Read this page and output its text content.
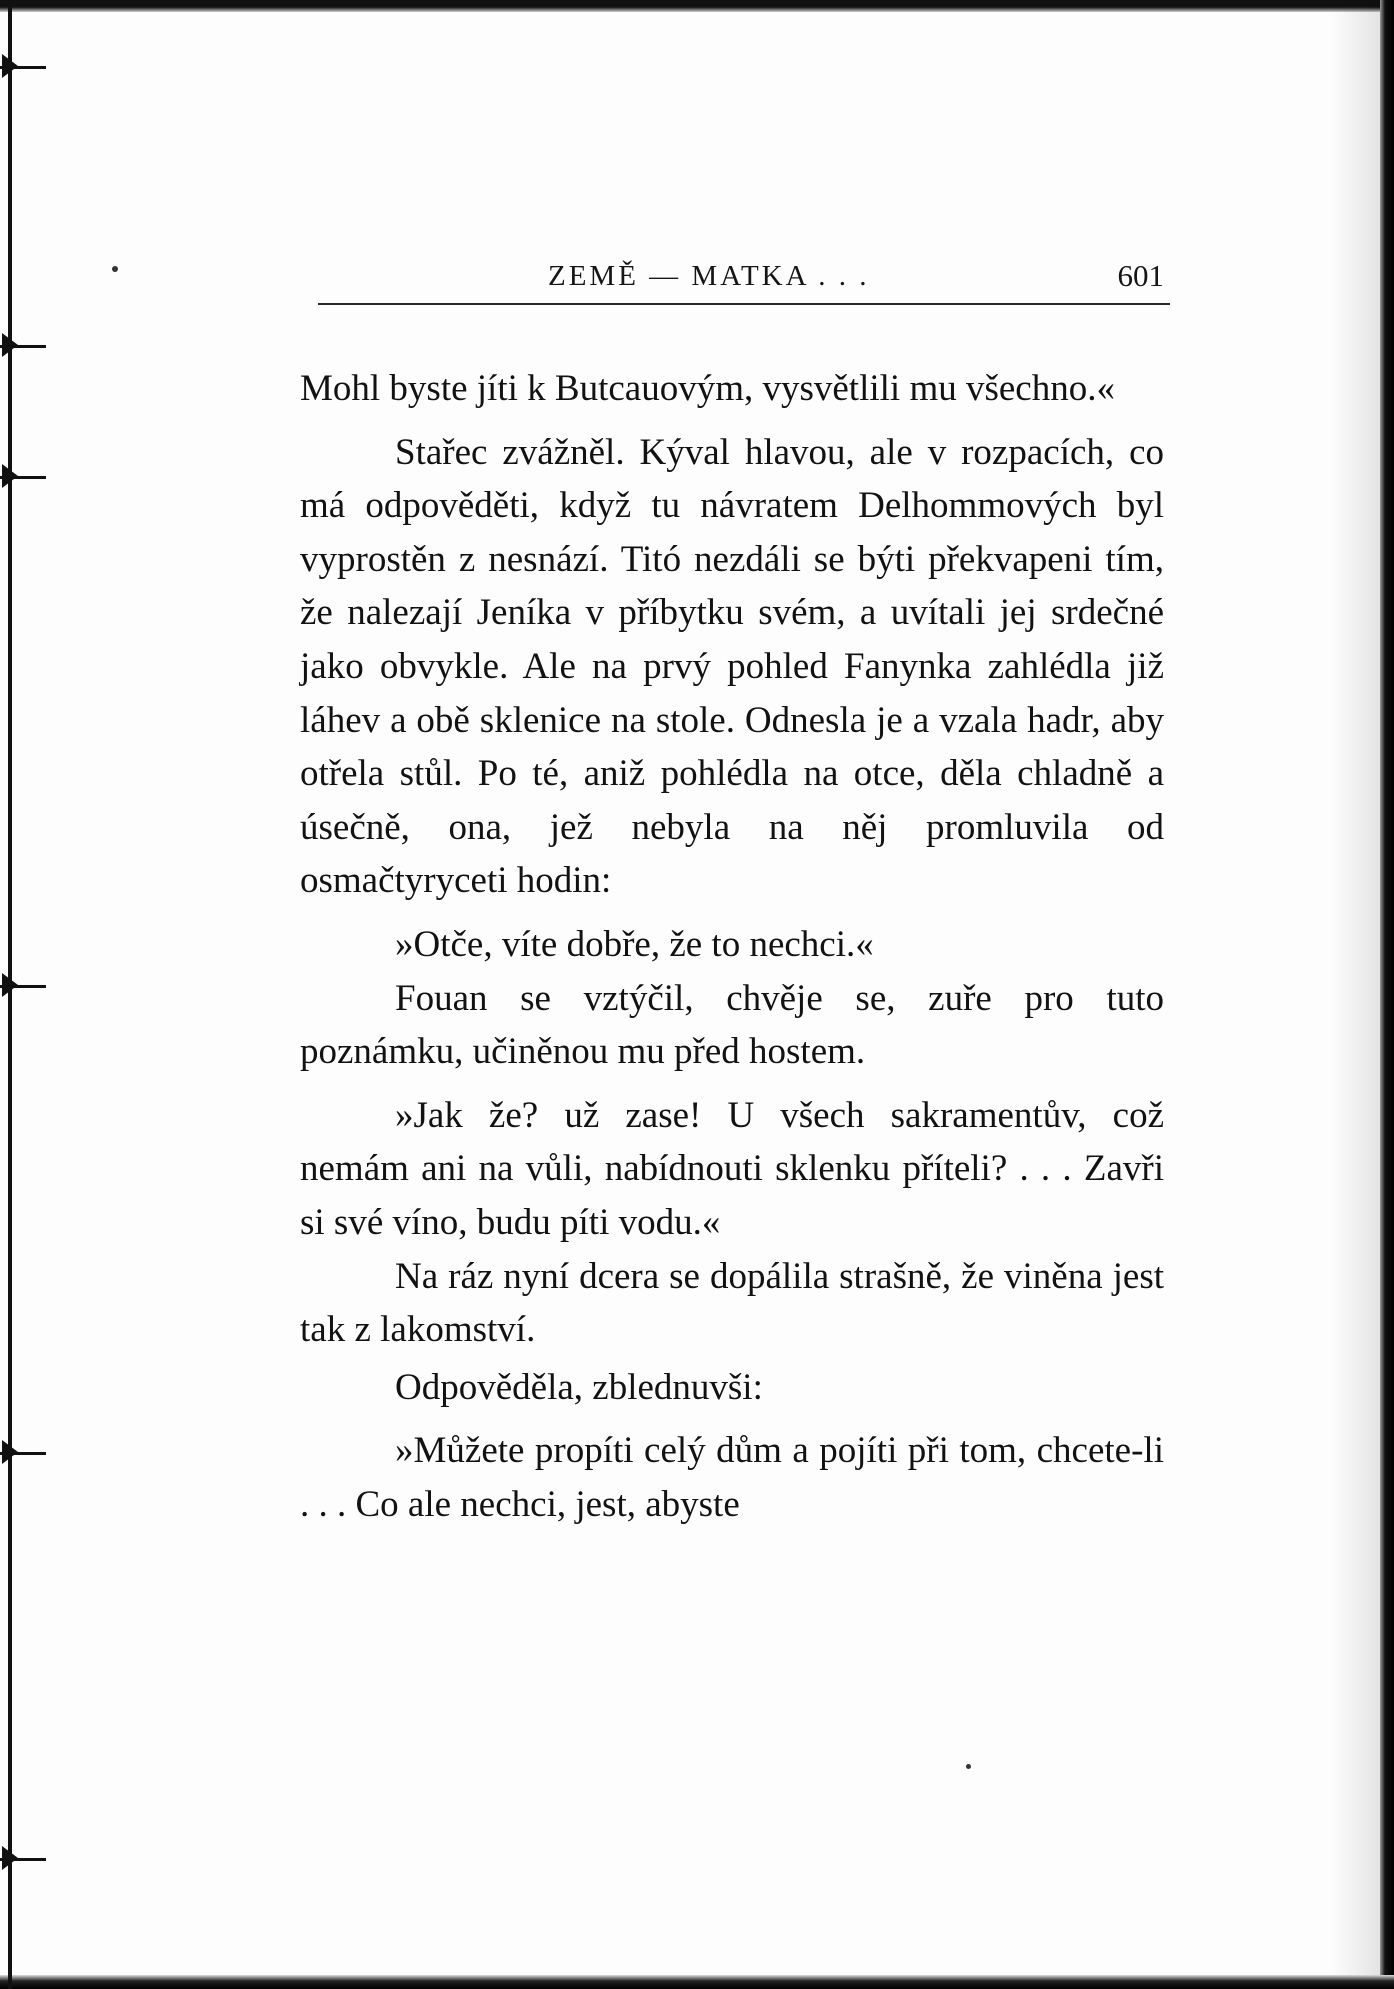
ZEMĚ — MATKA . . .	601

Mohl byste jíti k Butcauovým, vysvětlili mu všechno.«

Stařec zvážněl. Kýval hlavou, ale v rozpacích, co má odpověděti, když tu návratem Delhommových byl vyprostěn z nesnází. Titó nezdáli se býti překvapeni tím, že nalezají Jeníka v příbytku svém, a uvítali jej srdečné jako obvykle. Ale na prvý pohled Fanynka zahlédla již láhev a obě sklenice na stole. Odnesla je a vzala hadr, aby otřela stůl. Po té, aniž pohlédla na otce, děla chladně a úsečně, ona, jež nebyla na něj promluvila od osmačtyryceti hodin:

»Otče, víte dobře, že to nechci.«

Fouan se vztýčil, chvěje se, zuře pro tuto poznámku, učiněnou mu před hostem.

»Jak že? už zase! U všech sakramentův, což nemám ani na vůli, nabídnouti sklenku příteli? . . . Zavři si své víno, budu píti vodu.«

Na ráz nyní dcera se dopálila strašně, že viněna jest tak z lakomství.

Odpověděla, zblednuvši:

»Můžete propíti celý dům a pojíti při tom, chcete-li . . . Co ale nechci, jest, abyste
